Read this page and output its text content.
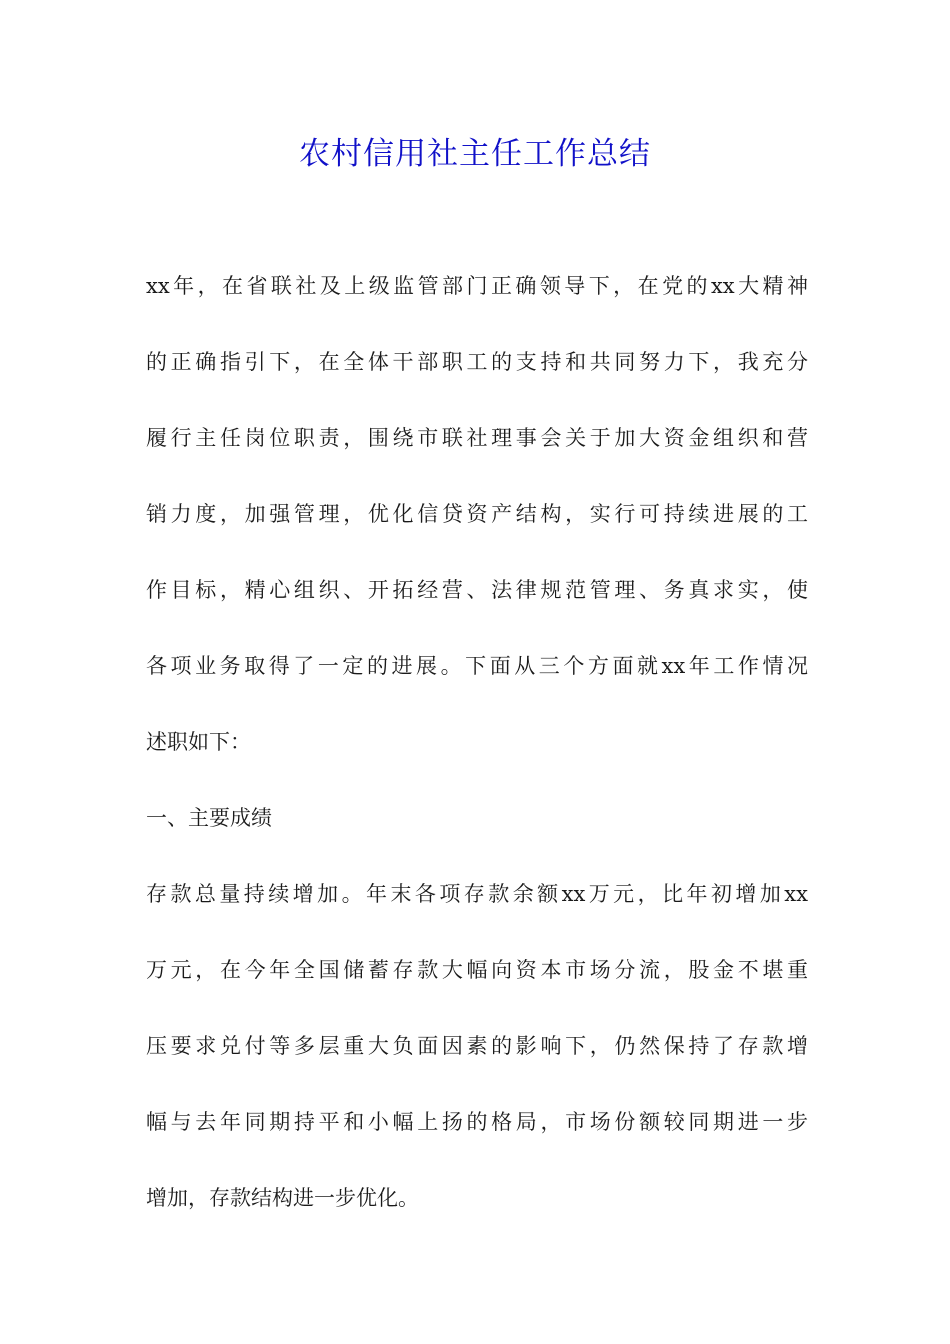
农村信用社主任工作总结

xx年，在省联社及上级监管部门正确领导下，在党的xx大精神
的正确指引下，在全体干部职工的支持和共同努力下，我充分
履行主任岗位职责，围绕市联社理事会关于加大资金组织和营
销力度，加强管理，优化信贷资产结构，实行可持续进展的工
作目标，精心组织、开拓经营、法律规范管理、务真求实，使
各项业务取得了一定的进展。下面从三个方面就xx年工作情况
述职如下：

一、主要成绩

存款总量持续增加。年末各项存款余额xx万元，比年初增加xx
万元，在今年全国储蓄存款大幅向资本市场分流，股金不堪重
压要求兑付等多层重大负面因素的影响下，仍然保持了存款增
幅与去年同期持平和小幅上扬的格局，市场份额较同期进一步
增加，存款结构进一步优化。
